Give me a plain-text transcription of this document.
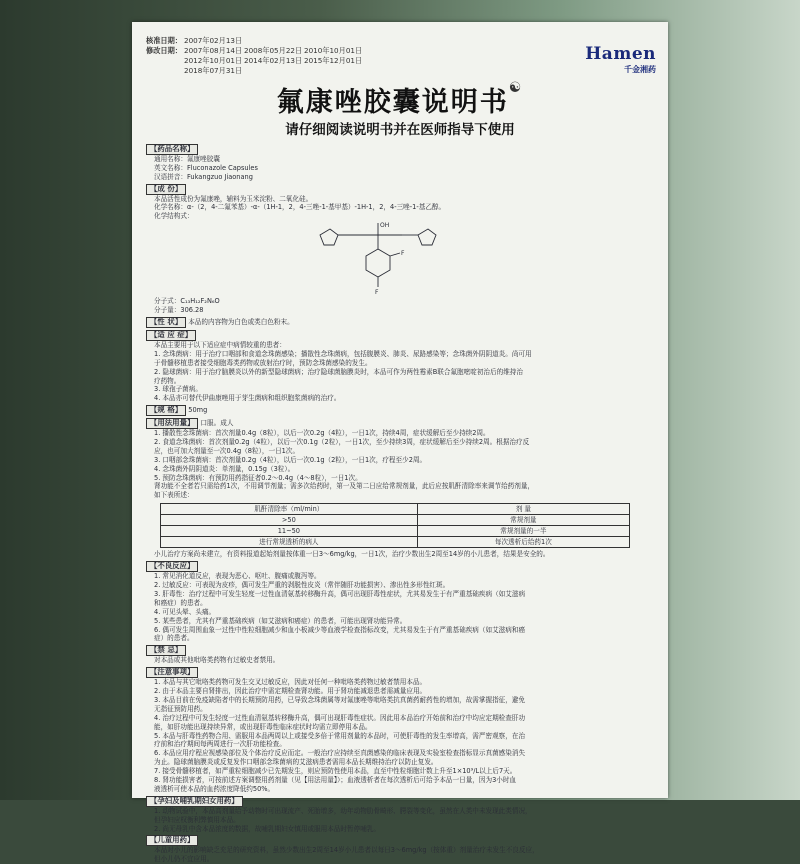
核准日期： 2007年02月13日
修改日期： 2007年08月14日 2008年05月22日 2010年10月01日
2012年10月01日 2014年02月13日 2015年12月01日
2018年07月31日
Hamen
千金湘药
氟康唑胶囊说明书☯
请仔细阅读说明书并在医师指导下使用
【药品名称】

通用名称：氟康唑胶囊

英文名称：Fluconazole Capsules

汉语拼音：Fukangzuo Jiaonang

【成 份】

本品活性成份为氟康唑，辅料为玉米淀粉、二氧化硅。

化学名称：α-（2，4-二氟苯基）-α-（1H-1，2，4-三唑-1-基甲基）-1H-1，2，4-三唑-1-基乙醇。

化学结构式：

OH
F
F

分子式：C₁₃H₁₂F₂N₆O

分子量：306.28

【性 状】 本品的内容物为白色或类白色粉末。
【适 应 症】

本品主要用于以下适应症中病情较重的患者：

1. 念珠菌病：用于治疗口咽部和食道念珠菌感染；播散性念珠菌病，包括腹膜炎、肺炎、尿路感染等；念珠菌外阴阴道炎。尚可用

于骨髓移植患者接受细胞毒类药物或放射治疗时，预防念珠菌感染的发生。

2. 隐球菌病：用于治疗脑膜炎以外的新型隐球菌病；治疗隐球菌脑膜炎时，本品可作为两性霉素B联合氟胞嘧啶初治后的维持治

疗药物。

3. 球孢子菌病。

4. 本品亦可替代伊曲康唑用于芽生菌病和组织胞浆菌病的治疗。

【规 格】 50mg
【用法用量】 口服。成人

1. 播散性念珠菌病：首次剂量0.4g（8粒），以后一次0.2g（4粒），一日1次，持续4周，症状缓解后至少持续2周。

2. 食道念珠菌病：首次剂量0.2g（4粒），以后一次0.1g（2粒），一日1次，至少持续3周，症状缓解后至少持续2周。根据治疗反

应，也可加大剂量至一次0.4g（8粒），一日1次。

3. 口咽部念珠菌病：首次剂量0.2g（4粒），以后一次0.1g（2粒），一日1次，疗程至少2周。

4. 念珠菌外阴阴道炎：单剂量，0.15g（3粒）。

5. 预防念珠菌病：有预防用药指征者0.2～0.4g（4～8粒），一日1次。

肾功能不全者若只需给药1次，不用调节剂量；需多次给药时，第一及第二日应给常规剂量，此后应按肌酐清除率来调节给药剂量，

如下表所述：

肌酐清除率（ml/min）	剂 量
>50	常规剂量
11~50	常规剂量的一半
进行常规透析的病人	每次透析后给药1次

小儿治疗方案尚未建立，有资料报道起始剂量按体重一日3～6mg/kg，一日1次，治疗少数出生2周至14岁的小儿患者，结果是安全的。

【不良反应】

1. 常见消化道反应，表现为恶心、呕吐、腹痛或腹泻等。

2. 过敏反应：可表现为皮疹，偶可发生严重的剥脱性皮炎（常伴随肝功能损害）、渗出性多形性红斑。

3. 肝毒性：治疗过程中可发生轻度一过性血清氨基转移酶升高，偶可出现肝毒性症状，尤其易发生于有严重基础疾病（如艾滋病

和癌症）的患者。

4. 可见头晕、头痛。

5. 某些患者，尤其有严重基础疾病（如艾滋病和癌症）的患者，可能出现肾功能异常。

6. 偶可发生周围血象一过性中性粒细胞减少和血小板减少等血液学检查指标改变，尤其易发生于有严重基础疾病（如艾滋病和癌

症）的患者。

【禁 忌】

对本品或其他吡咯类药物有过敏史者禁用。

【注意事项】

1. 本品与其它吡咯类药物可发生交叉过敏反应，因此对任何一种吡咯类药物过敏者禁用本品。

2. 由于本品主要自肾排出，因此治疗中需定期检查肾功能。用于肾功能减退患者需减量应用。

3. 本品目前在免疫缺陷者中的长期预防用药，已导致念珠菌属等对氟康唑等吡咯类抗真菌药耐药性的增加，故需掌握指征，避免

无指征预防用药。

4. 治疗过程中可发生轻度一过性血清氨基转移酶升高，偶可出现肝毒性症状。因此用本品治疗开始前和治疗中均应定期检查肝功

能，如肝功能出现持续异常，或出现肝毒性临床症状时均需立即停用本品。

5. 本品与肝毒性药物合用、需服用本品两周以上或接受多倍于常用剂量的本品时，可使肝毒性的发生率增高，需严密观察，在治

疗前和治疗期间每两周进行一次肝功能检查。

6. 本品应用疗程应视感染部位及个体治疗反应而定。一般治疗应持续至真菌感染的临床表现及实验室检查指标显示真菌感染消失

为止。隐球菌脑膜炎或反复发作口咽部念珠菌病的艾滋病患者需用本品长期维持治疗以防止复发。

7. 接受骨髓移植者，如严重粒细胞减少已先期发生，则应预防性使用本品，直至中性粒细胞计数上升至1×10⁹/L以上后7天。

8. 肾功能损害者，可按前述方案调整用药剂量（见【用法用量】）；血液透析者在每次透析后可给予本品一日量，因为3小时血

液透析可使本品的血药浓度降低约50%。

【孕妇及哺乳期妇女用药】

1. 动物试验中，本品高剂量给予动物时可出现流产、死胎增多，幼年动物肋骨畸形、腭裂等变化，虽然在人类中未发现此类情况，

但孕妇应权衡利弊慎用本品。

2. 尚无母乳中含本品浓度的数据，故哺乳期妇女慎用或服用本品时暂停哺乳。

【儿童用药】

本品对小儿的影响缺乏充足的研究资料，虽然少数出生2周至14岁小儿患者以每日3～6mg/kg（按体重）剂量治疗未发生不良反应，

但小儿仍不宜应用。
